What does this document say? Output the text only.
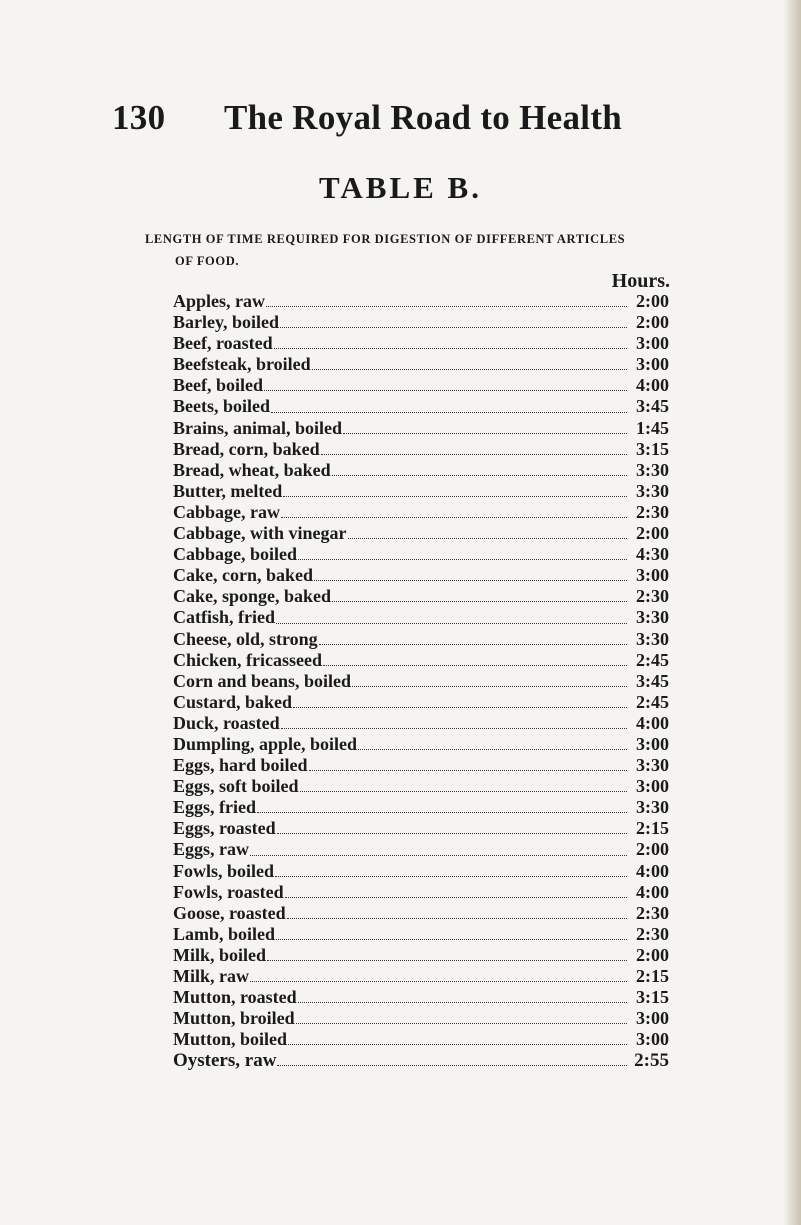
130 The Royal Road to Health
TABLE B.
LENGTH OF TIME REQUIRED FOR DIGESTION OF DIFFERENT ARTICLES
OF FOOD.
Hours.
Apples, raw	2:00
Barley, boiled	2:00
Beef, roasted	3:00
Beefsteak, broiled	3:00
Beef, boiled	4:00
Beets, boiled	3:45
Brains, animal, boiled	1:45
Bread, corn, baked	3:15
Bread, wheat, baked	3:30
Butter, melted	3:30
Cabbage, raw	2:30
Cabbage, with vinegar	2:00
Cabbage, boiled	4:30
Cake, corn, baked	3:00
Cake, sponge, baked	2:30
Catfish, fried	3:30
Cheese, old, strong	3:30
Chicken, fricasseed	2:45
Corn and beans, boiled	3:45
Custard, baked	2:45
Duck, roasted	4:00
Dumpling, apple, boiled	3:00
Eggs, hard boiled	3:30
Eggs, soft boiled	3:00
Eggs, fried	3:30
Eggs, roasted	2:15
Eggs, raw	2:00
Fowls, boiled	4:00
Fowls, roasted	4:00
Goose, roasted	2:30
Lamb, boiled	2:30
Milk, boiled	2:00
Milk, raw	2:15
Mutton, roasted	3:15
Mutton, broiled	3:00
Mutton, boiled	3:00
Oysters, raw	2:55
